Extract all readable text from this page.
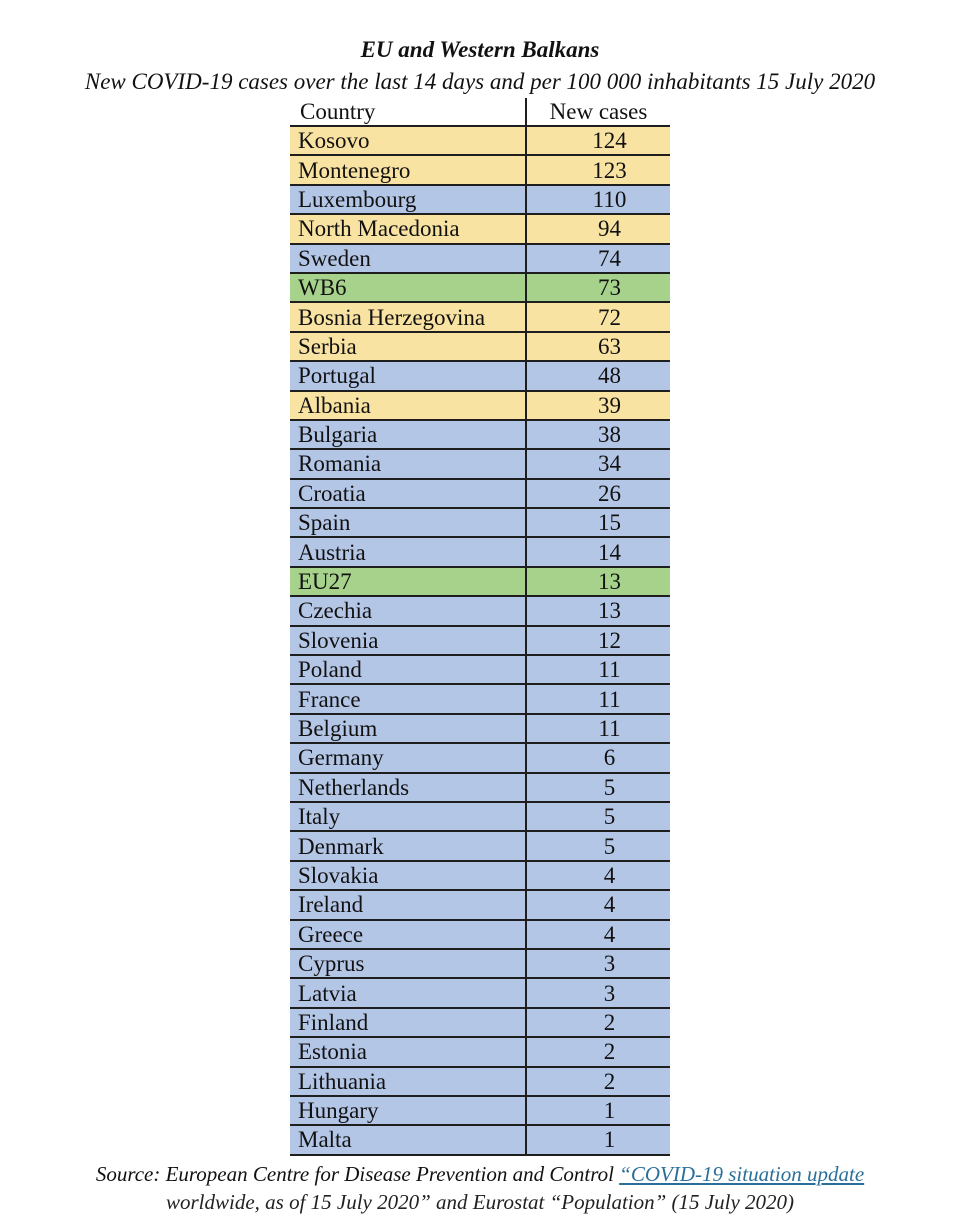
EU and Western Balkans
New COVID-19 cases over the last 14 days and per 100 000 inhabitants 15 July 2020
Country	New cases
Kosovo	124
Montenegro	123
Luxembourg	110
North Macedonia	94
Sweden	74
WB6	73
Bosnia Herzegovina	72
Serbia	63
Portugal	48
Albania	39
Bulgaria	38
Romania	34
Croatia	26
Spain	15
Austria	14
EU27	13
Czechia	13
Slovenia	12
Poland	11
France	11
Belgium	11
Germany	6
Netherlands	5
Italy	5
Denmark	5
Slovakia	4
Ireland	4
Greece	4
Cyprus	3
Latvia	3
Finland	2
Estonia	2
Lithuania	2
Hungary	1
Malta	1
Source: European Centre for Disease Prevention and Control “COVID-19 situation update
worldwide, as of 15 July 2020” and Eurostat “Population” (15 July 2020)
